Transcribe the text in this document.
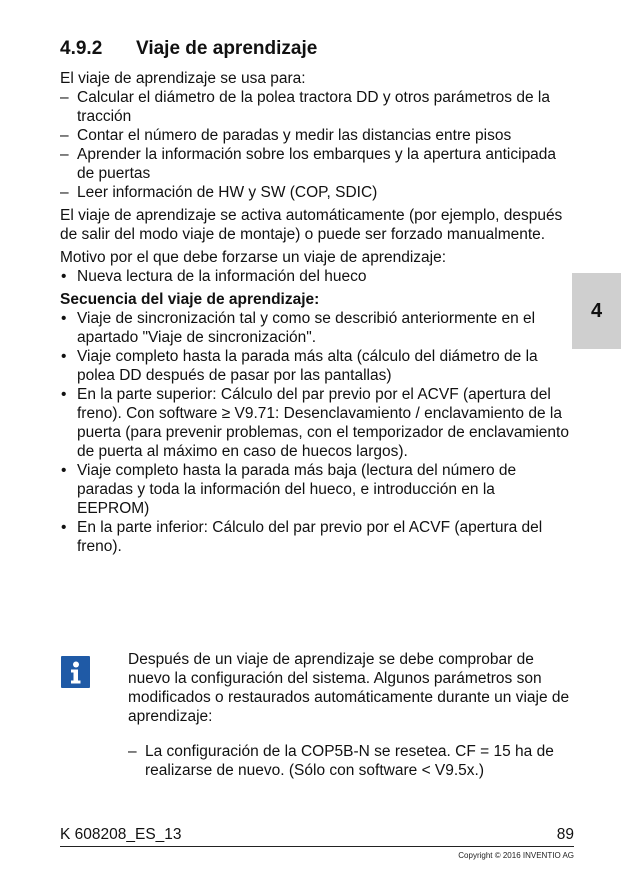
4.9.2 Viaje de aprendizaje

El viaje de aprendizaje se usa para:

– Calcular el diámetro de la polea tractora DD y otros parámetros de la tracción
– Contar el número de paradas y medir las distancias entre pisos
– Aprender la información sobre los embarques y la apertura anticipada de puertas
– Leer información de HW y SW (COP, SDIC)

El viaje de aprendizaje se activa automáticamente (por ejemplo, después de salir del modo viaje de montaje) o puede ser forzado manualmente.

Motivo por el que debe forzarse un viaje de aprendizaje:

• Nueva lectura de la información del hueco

Secuencia del viaje de aprendizaje:

• Viaje de sincronización tal y como se describió anteriormente en el apartado "Viaje de sincronización".
• Viaje completo hasta la parada más alta (cálculo del diámetro de la polea DD después de pasar por las pantallas)
• En la parte superior: Cálculo del par previo por el ACVF (apertura del freno). Con software ≥ V9.71: Desenclavamiento / enclavamiento de la puerta (para prevenir problemas, con el temporizador de enclavamiento de puerta al máximo en caso de huecos largos).
• Viaje completo hasta la parada más baja (lectura del número de paradas y toda la información del hueco, e introducción en la EEPROM)
• En la parte inferior: Cálculo del par previo por el ACVF (apertura del freno).
4

Después de un viaje de aprendizaje se debe comprobar de nuevo la configuración del sistema. Algunos parámetros son modificados o restaurados automáticamente durante un viaje de aprendizaje:

– La configuración de la COP5B-N se resetea. CF = 15 ha de realizarse de nuevo. (Sólo con software < V9.5x.)
K 608208_ES_13	89
Copyright © 2016 INVENTIO AG
